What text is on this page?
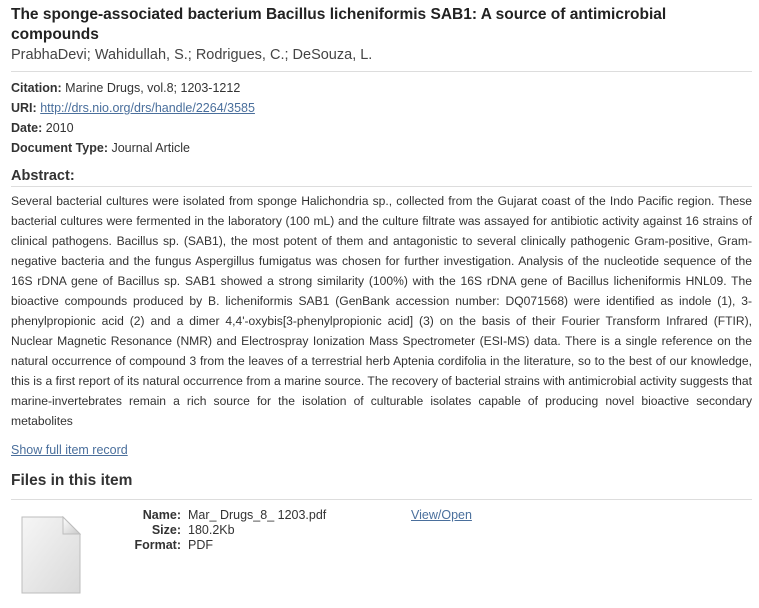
The sponge-associated bacterium Bacillus licheniformis SAB1: A source of antimicrobial compounds
PrabhaDevi; Wahidullah, S.; Rodrigues, C.; DeSouza, L.
Citation: Marine Drugs, vol.8; 1203-1212
URI: http://drs.nio.org/drs/handle/2264/3585
Date: 2010
Document Type: Journal Article
Abstract:
Several bacterial cultures were isolated from sponge Halichondria sp., collected from the Gujarat coast of the Indo Pacific region. These bacterial cultures were fermented in the laboratory (100 mL) and the culture filtrate was assayed for antibiotic activity against 16 strains of clinical pathogens. Bacillus sp. (SAB1), the most potent of them and antagonistic to several clinically pathogenic Gram-positive, Gram-negative bacteria and the fungus Aspergillus fumigatus was chosen for further investigation. Analysis of the nucleotide sequence of the 16S rDNA gene of Bacillus sp. SAB1 showed a strong similarity (100%) with the 16S rDNA gene of Bacillus licheniformis HNL09. The bioactive compounds produced by B. licheniformis SAB1 (GenBank accession number: DQ071568) were identified as indole (1), 3-phenylpropionic acid (2) and a dimer 4,4'-oxybis[3-phenylpropionic acid] (3) on the basis of their Fourier Transform Infrared (FTIR), Nuclear Magnetic Resonance (NMR) and Electrospray Ionization Mass Spectrometer (ESI-MS) data. There is a single reference on the natural occurrence of compound 3 from the leaves of a terrestrial herb Aptenia cordifolia in the literature, so to the best of our knowledge, this is a first report of its natural occurrence from a marine source. The recovery of bacterial strains with antimicrobial activity suggests that marine-invertebrates remain a rich source for the isolation of culturable isolates capable of producing novel bioactive secondary metabolites
Show full item record
Files in this item
Name: Mar_ Drugs_8_ 1203.pdf
Size: 180.2Kb
Format: PDF
View/Open
